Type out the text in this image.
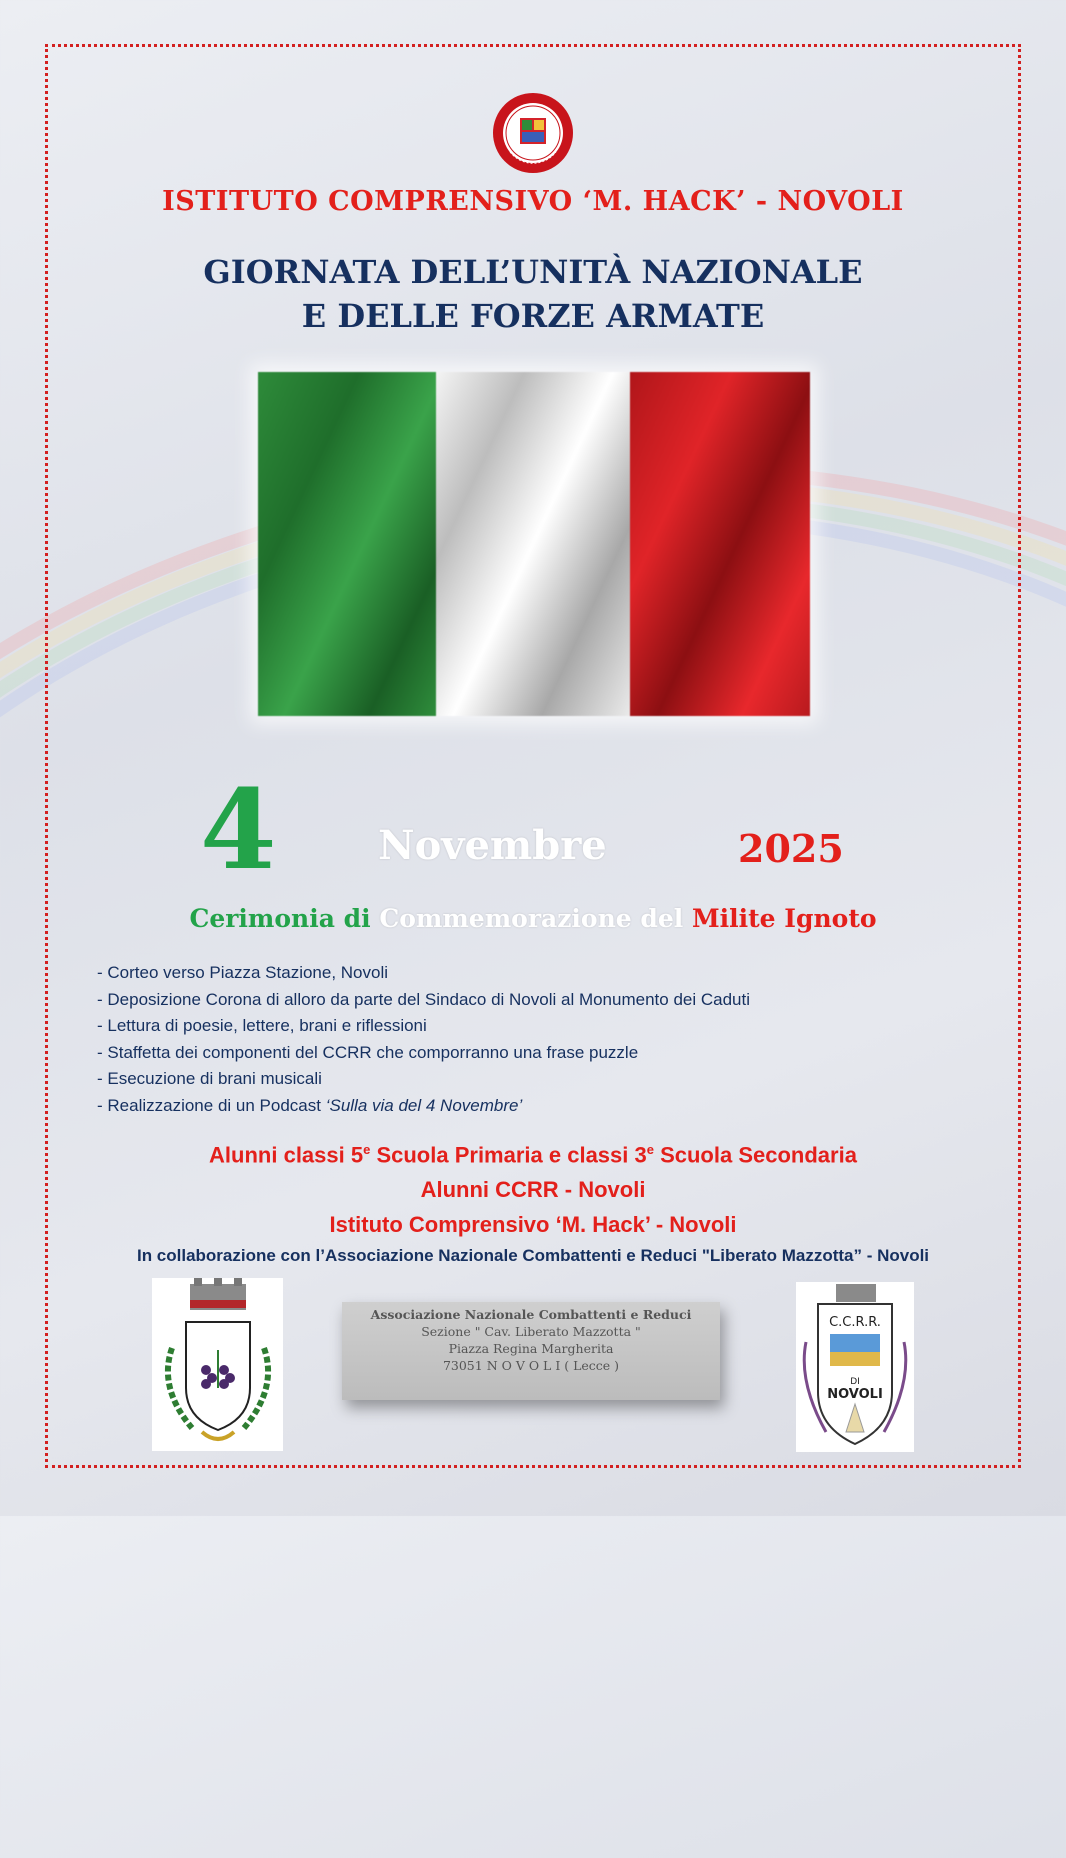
ISTITUTO COMPRENSIVO ‘M. HACK’ - NOVOLI
GIORNATA DELL’UNITÀ NAZIONALE
E DELLE FORZE ARMATE
4	Novembre	2025
Cerimonia di Commemorazione del Milite Ignoto
- Corteo verso Piazza Stazione, Novoli
- Deposizione Corona di alloro da parte del Sindaco di Novoli al Monumento dei Caduti
- Lettura di poesie, lettere, brani e riflessioni
- Staffetta dei componenti del CCRR che comporranno una frase puzzle
- Esecuzione di brani musicali
- Realizzazione di un Podcast ‘Sulla via del 4 Novembre’
Alunni classi 5e Scuola Primaria e classi 3e Scuola Secondaria
Alunni CCRR - Novoli
Istituto Comprensivo ‘M. Hack’ - Novoli
In collaborazione con l’Associazione Nazionale Combattenti e Reduci "Liberato Mazzotta” - Novoli
Associazione Nazionale Combattenti e Reduci
Sezione " Cav. Liberato Mazzotta "
Piazza Regina Margherita
73051 N O V O L I ( Lecce )
C.C.R.R.
DI
NOVOLI
